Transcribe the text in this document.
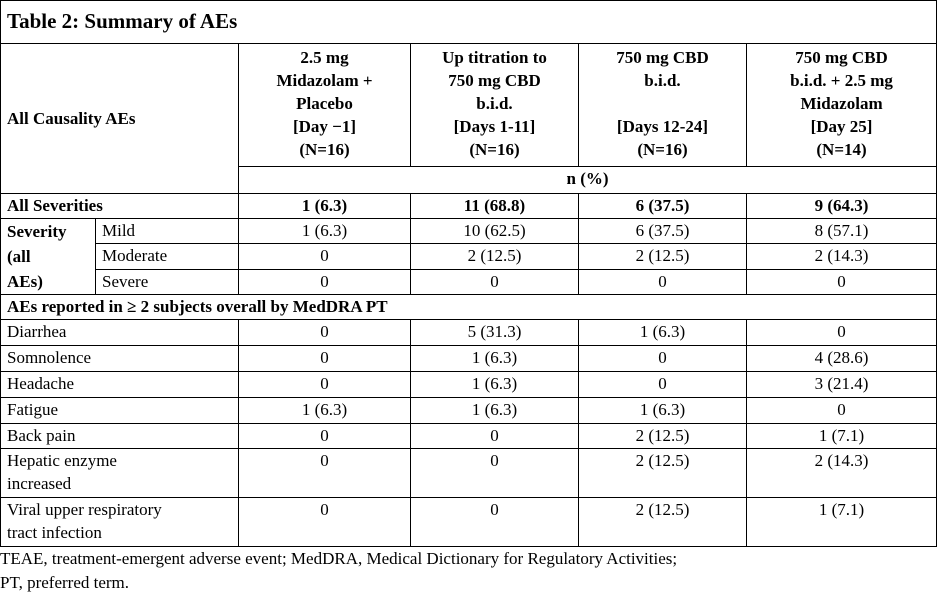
Table 2: Summary of AEs					
All Causality AEs		2.5 mg
Midazolam +
Placebo
[Day −1]
(N=16)	Up titration to
750 mg CBD
b.i.d.
[Days 1-11]
(N=16)	750 mg CBD
b.i.d.

[Days 12-24]
(N=16)	750 mg CBD
b.i.d. + 2.5 mg
Midazolam
[Day 25]
(N=14)
		n (%)			
All Severities		1 (6.3)	11 (68.8)	6 (37.5)	9 (64.3)
Severity
(all
AEs)	Mild	1 (6.3)	10 (62.5)	6 (37.5)	8 (57.1)
	Moderate	0	2 (12.5)	2 (12.5)	2 (14.3)
	Severe	0	0	0	0
AEs reported in ≥ 2 subjects overall by MedDRA PT					
Diarrhea		0	5 (31.3)	1 (6.3)	0
Somnolence		0	1 (6.3)	0	4 (28.6)
Headache		0	1 (6.3)	0	3 (21.4)
Fatigue		1 (6.3)	1 (6.3)	1 (6.3)	0
Back pain		0	0	2 (12.5)	1 (7.1)
Hepatic enzyme
increased		0	0	2 (12.5)	2 (14.3)
Viral upper respiratory
tract infection		0	0	2 (12.5)	1 (7.1)
TEAE, treatment-emergent adverse event; MedDRA, Medical Dictionary for Regulatory Activities;
PT, preferred term.
